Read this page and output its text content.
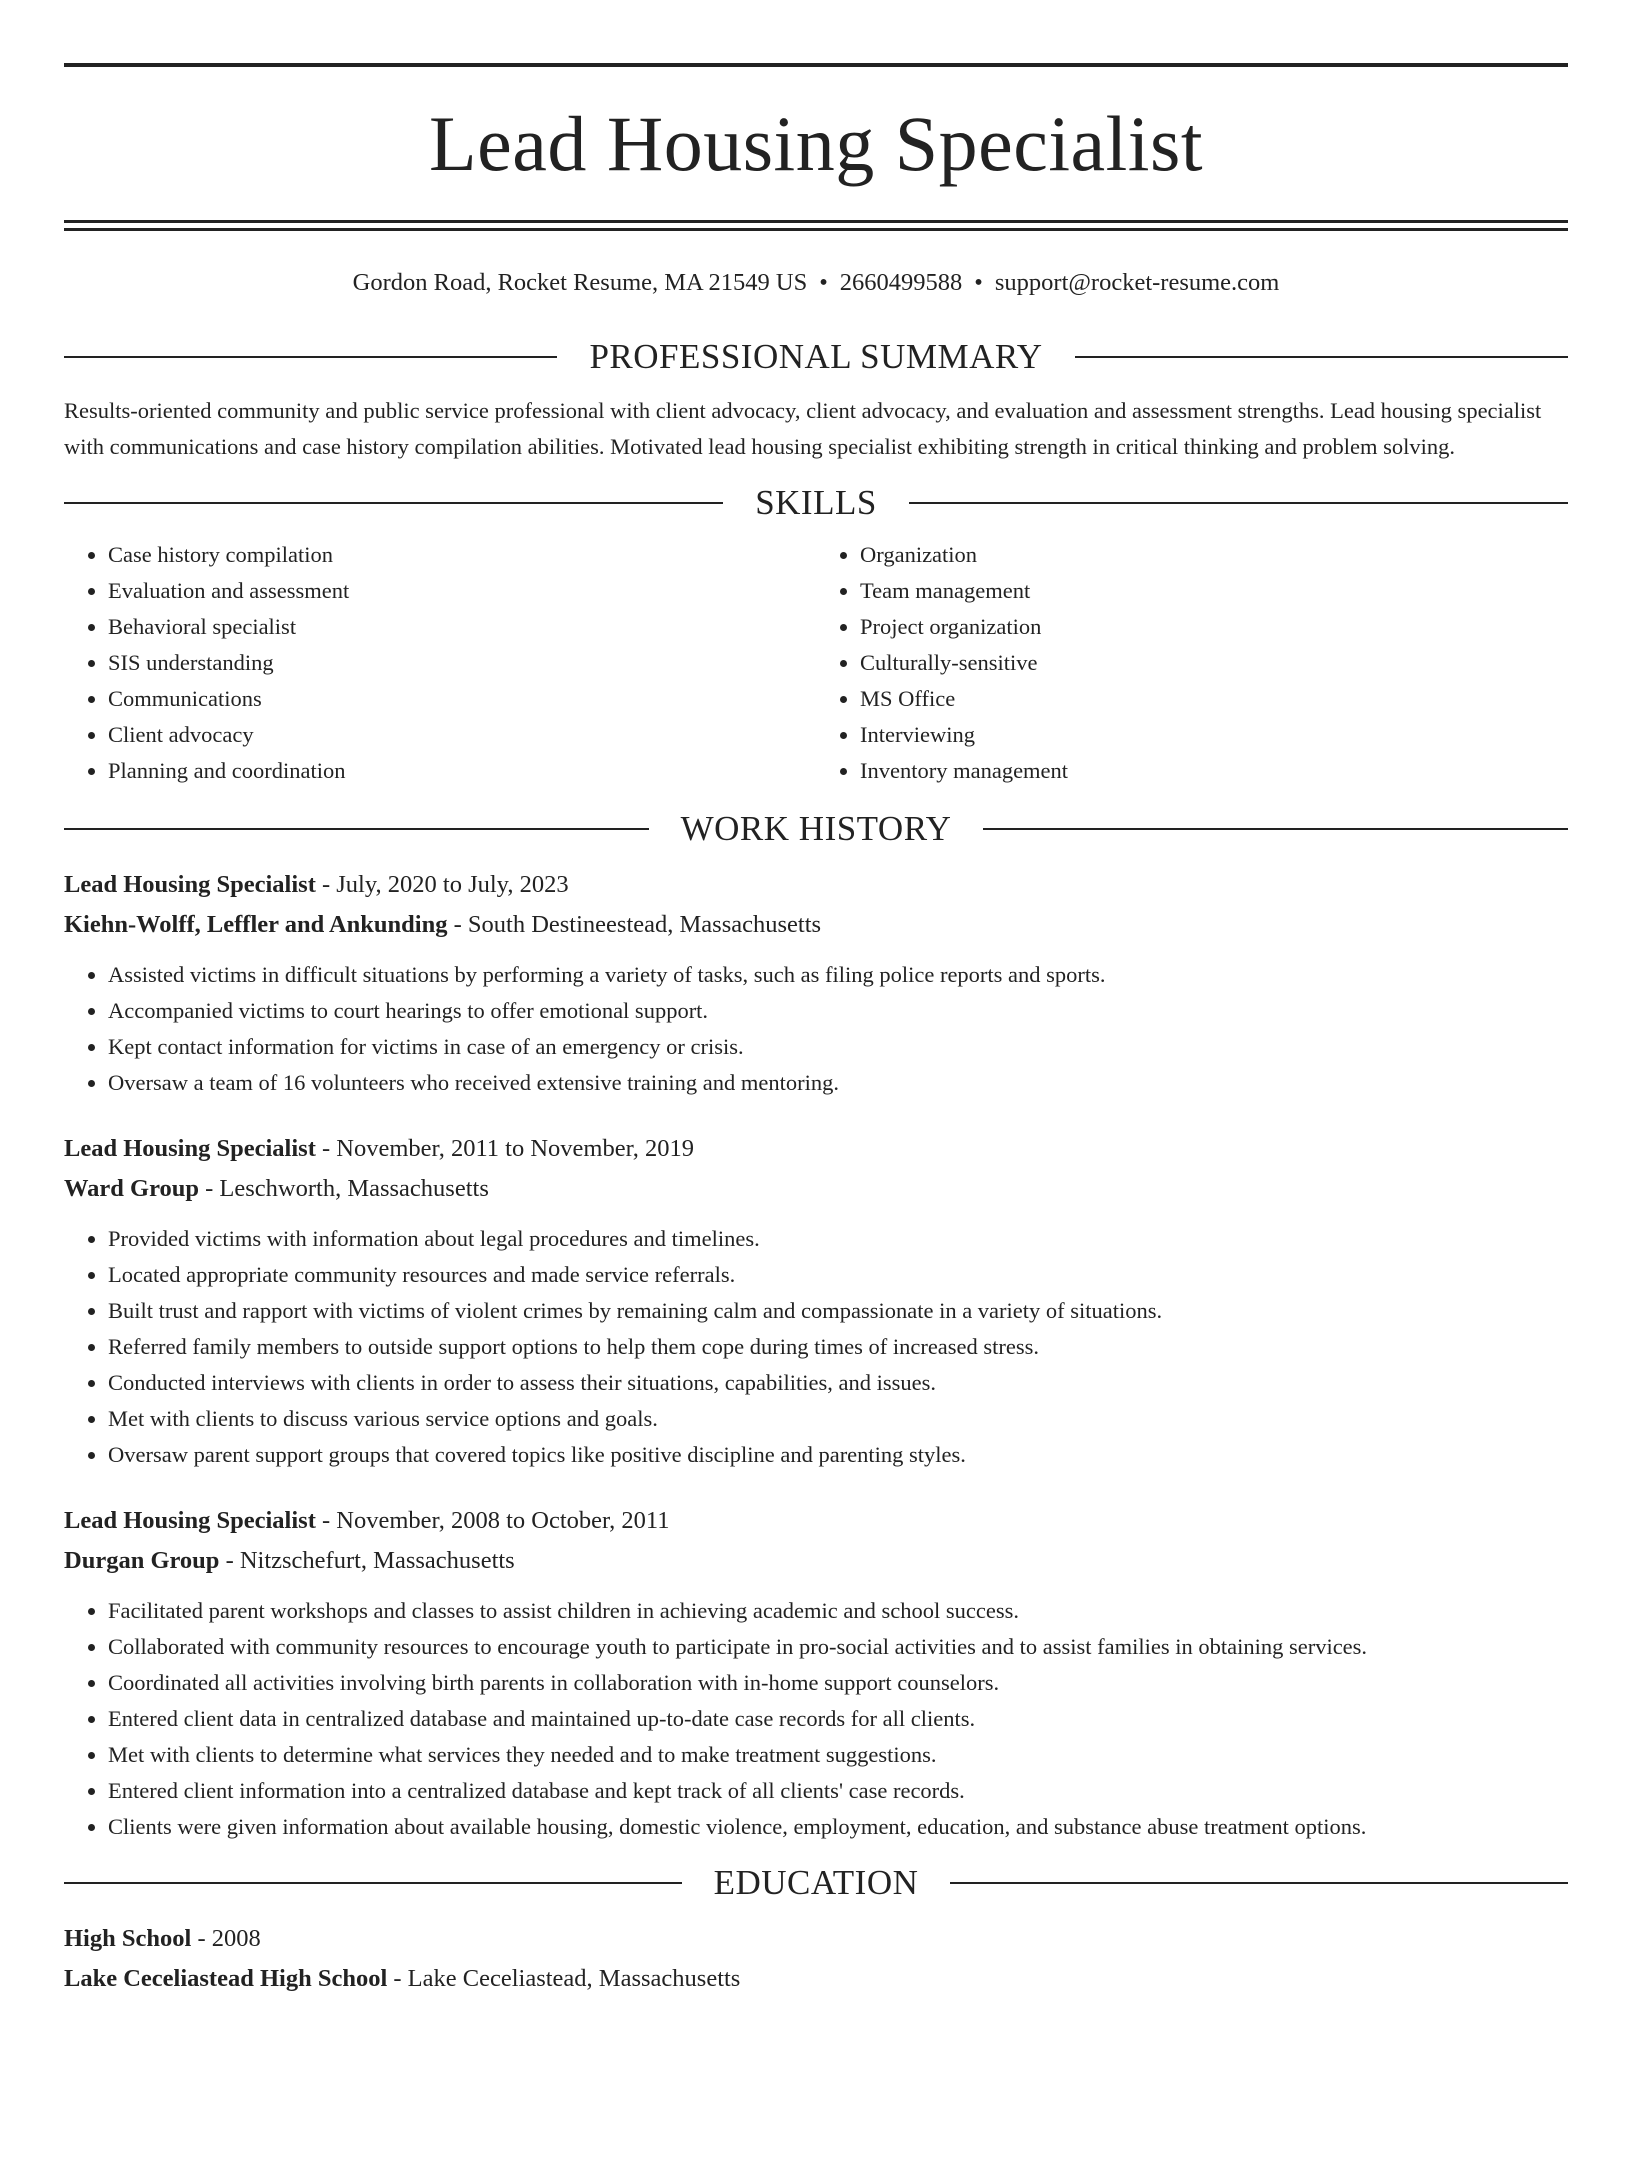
Lead Housing Specialist
Gordon Road, Rocket Resume, MA 21549 US • 2660499588 • support@rocket-resume.com
PROFESSIONAL SUMMARY
Results-oriented community and public service professional with client advocacy, client advocacy, and evaluation and assessment strengths. Lead housing specialist with communications and case history compilation abilities. Motivated lead housing specialist exhibiting strength in critical thinking and problem solving.
SKILLS
• Case history compilation
• Evaluation and assessment
• Behavioral specialist
• SIS understanding
• Communications
• Client advocacy
• Planning and coordination
• Organization
• Team management
• Project organization
• Culturally-sensitive
• MS Office
• Interviewing
• Inventory management
WORK HISTORY
Lead Housing Specialist - July, 2020 to July, 2023
Kiehn-Wolff, Leffler and Ankunding - South Destineestead, Massachusetts
• Assisted victims in difficult situations by performing a variety of tasks, such as filing police reports and sports.
• Accompanied victims to court hearings to offer emotional support.
• Kept contact information for victims in case of an emergency or crisis.
• Oversaw a team of 16 volunteers who received extensive training and mentoring.
Lead Housing Specialist - November, 2011 to November, 2019
Ward Group - Leschworth, Massachusetts
• Provided victims with information about legal procedures and timelines.
• Located appropriate community resources and made service referrals.
• Built trust and rapport with victims of violent crimes by remaining calm and compassionate in a variety of situations.
• Referred family members to outside support options to help them cope during times of increased stress.
• Conducted interviews with clients in order to assess their situations, capabilities, and issues.
• Met with clients to discuss various service options and goals.
• Oversaw parent support groups that covered topics like positive discipline and parenting styles.
Lead Housing Specialist - November, 2008 to October, 2011
Durgan Group - Nitzschefurt, Massachusetts
• Facilitated parent workshops and classes to assist children in achieving academic and school success.
• Collaborated with community resources to encourage youth to participate in pro-social activities and to assist families in obtaining services.
• Coordinated all activities involving birth parents in collaboration with in-home support counselors.
• Entered client data in centralized database and maintained up-to-date case records for all clients.
• Met with clients to determine what services they needed and to make treatment suggestions.
• Entered client information into a centralized database and kept track of all clients' case records.
• Clients were given information about available housing, domestic violence, employment, education, and substance abuse treatment options.
EDUCATION
High School - 2008
Lake Ceceliastead High School - Lake Ceceliastead, Massachusetts
